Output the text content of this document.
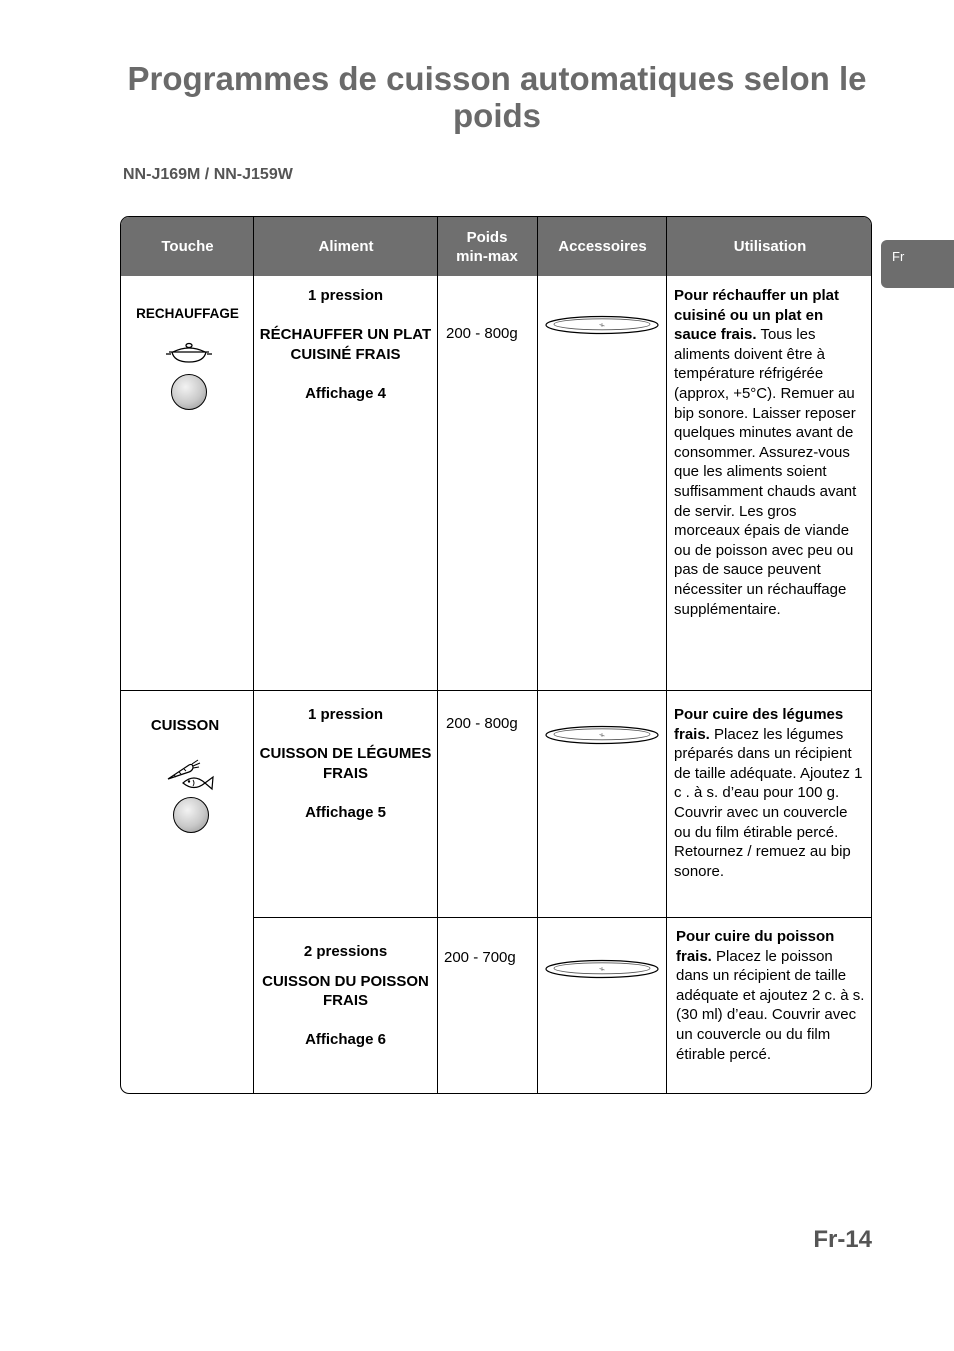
Programmes de cuisson automatiques selon le poids
NN-J169M / NN-J159W
Fr
Touche	Aliment
Poids min-max
Accessoires	Utilisation
RECHAUFFAGE
1 pression
RÉCHAUFFER UN PLAT CUISINÉ FRAIS
Affichage 4
200 - 800g
Pour réchauffer un plat cuisiné ou un plat en sauce frais. Tous les aliments doivent être à température réfrigérée (approx, +5°C). Remuer au bip sonore. Laisser reposer quelques minutes avant de consommer. Assurez-vous que les aliments soient suffisamment chauds avant de servir. Les gros morceaux épais de viande ou de poisson avec peu ou pas de sauce peuvent nécessiter un réchauffage supplémentaire.
CUISSON
1 pression
CUISSON DE LÉGUMES FRAIS
Affichage 5
200 - 800g
Pour cuire des légumes frais. Placez les légumes préparés dans un récipient de taille adéquate. Ajoutez 1 c . à s. d’eau pour 100 g. Couvrir avec un couvercle ou du film étirable percé. Retournez / remuez au bip sonore.
2 pressions
CUISSON DU POISSON FRAIS
Affichage 6
200 - 700g
Pour cuire du poisson frais. Placez le poisson dans un récipient de taille adéquate et ajoutez 2 c. à s. (30 ml) d’eau. Couvrir avec un couvercle ou du film étirable percé.
Fr-14
